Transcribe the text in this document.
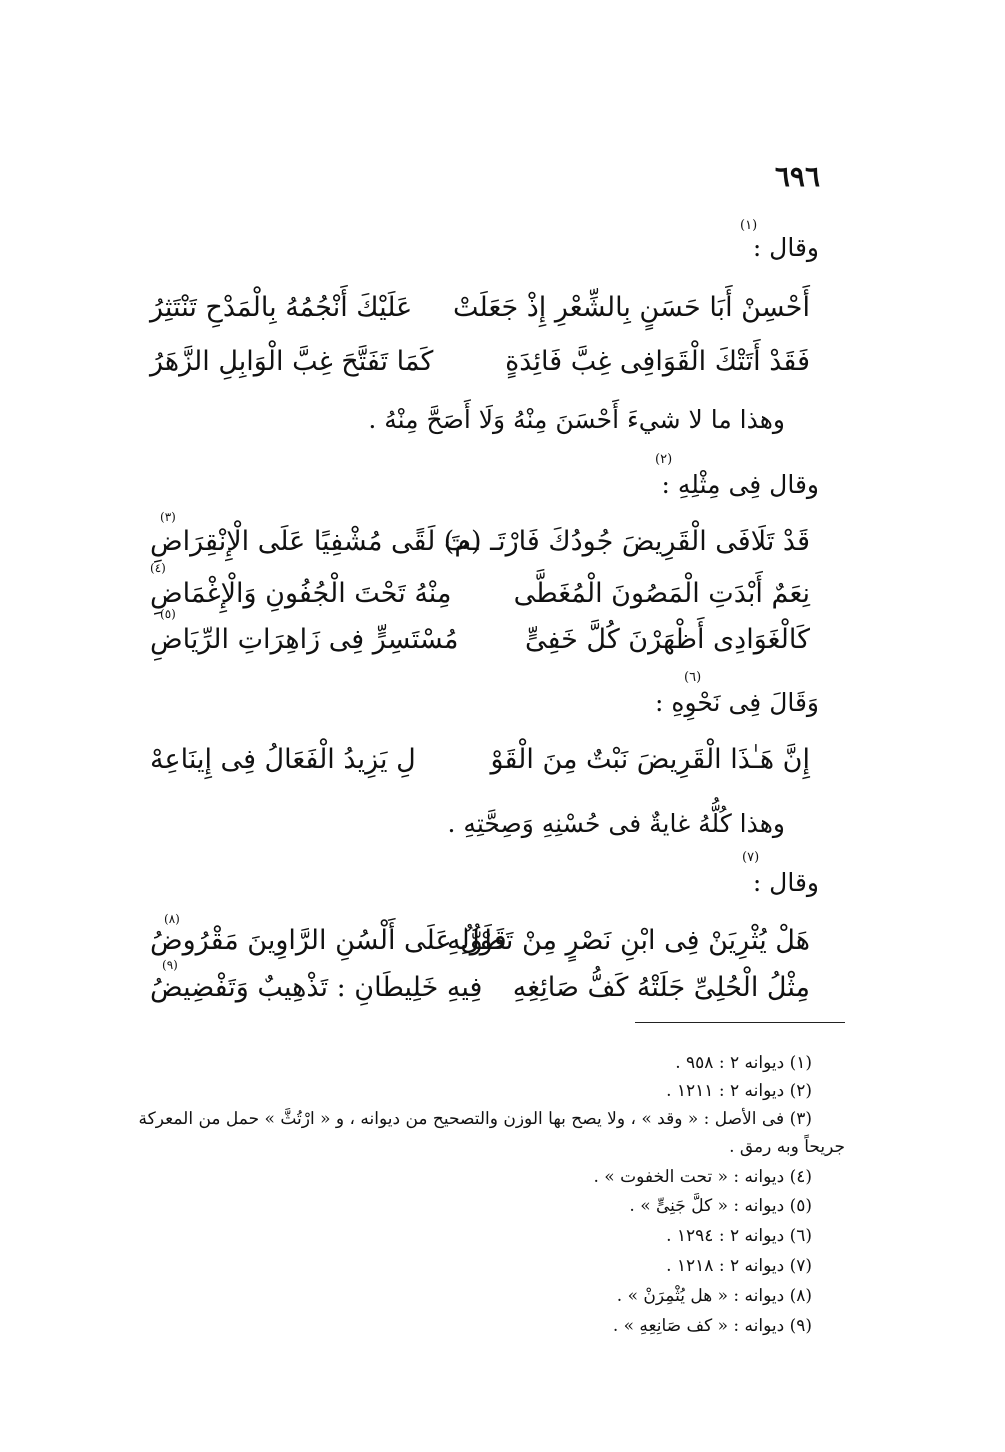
٦٩٦
(١)
وقال :
أَحْسِنْ أَبَا حَسَنٍ بِالشِّعْرِ إِذْ جَعَلَتْ
عَلَيْكَ أَنْجُمُهُ بِالْمَدْحِ تَنْتَثِرُ
فَقَدْ أَتَتْكَ الْقَوَافِى غِبَّ فَائِدَةٍ
كَمَا تَفَتَّحَ غِبَّ الْوَابِلِ الزَّهَرُ
وهذا ما لا شيءَ أَحْسَنَ مِنْهُ وَلَا أَصَحَّ مِنْهُ .
(٢)
وقال فِى مِثْلِهِ :
(٣)
قَدْ تَلَافَى الْقَرِيضَ جُودُكَ فَارْتَـ (م)
ـتَ لَقًى مُشْفِيًا عَلَى الْإِنْقِرَاضِ
(٤)
نِعَمٌ أَبْدَتِ الْمَصُونَ الْمُغَطَّى
مِنْهُ تَحْتَ الْجُفُونِ وَالْإِغْمَاضِ
(٥)
كَالْغَوَادِى أَظْهَرْنَ كُلَّ خَفِىٍّ
مُسْتَسِرٍّ فِى زَاهِرَاتِ الرِّيَاضِ
(٦)
وَقَالَ فِى نَحْوِهِ :
إِنَّ هَـٰذَا الْقَرِيضَ نَبْتٌ مِنَ الْقَوْ
لِ يَزِيدُ الْفَعَالُ فِى إِينَاعِهْ
وهذا كُلُّهُ غايةٌ فى حُسْنِهِ وَصِحَّتِهِ .
(٧)
وقال :
(٨)
هَلْ يُثْرِيَنْ فِى ابْنِ نَصْرٍ مِنْ تَطَوُّلِهِ
قَوْلٌ عَلَى أَلْسُنِ الرَّاوِينَ مَقْرُوضُ
(٩)
مِثْلُ الْحُلِىِّ جَلَتْهُ كَفُّ صَائِغِهِ
فِيهِ خَلِيطَانِ : تَذْهِيبٌ وَتَفْضِيضُ
(١) ديوانه ٢ : ٩٥٨ .
(٢) ديوانه ٢ : ١٢١١ .
(٣) فى الأصل : « وقد » ، ولا يصح بها الوزن والتصحيح من ديوانه ، و « ارْتُثَّ » حمل من المعركة
جريحاً وبه رمق .
(٤) ديوانه : « تحت الخفوت » .
(٥) ديوانه : « كلَّ جَنِىٍّ » .
(٦) ديوانه ٢ : ١٢٩٤ .
(٧) ديوانه ٢ : ١٢١٨ .
(٨) ديوانه : « هل يُثْمِرَنْ » .
(٩) ديوانه : « كف صَانِعِهِ » .
